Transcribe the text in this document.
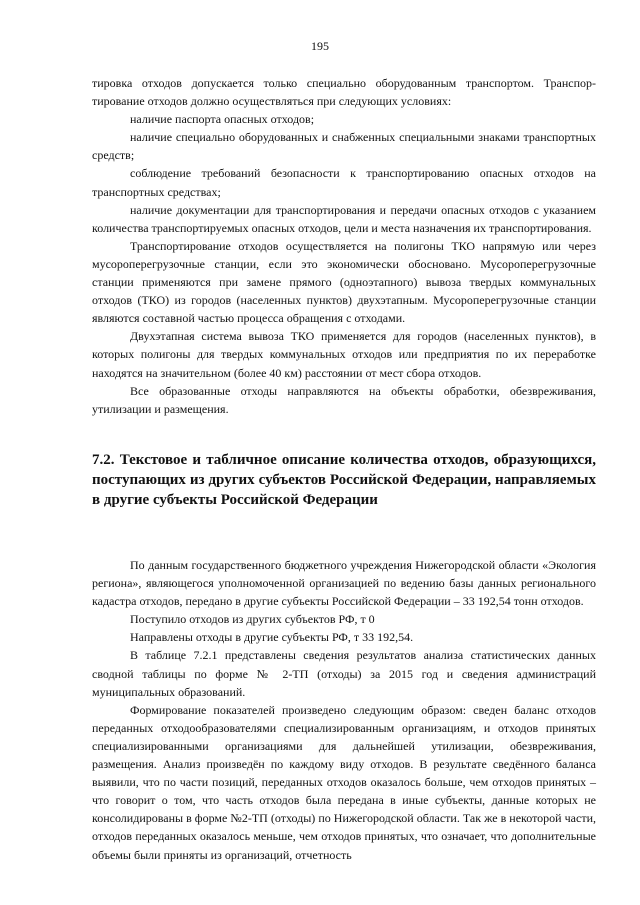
195

тировка отходов допускается только специально оборудованным транспортом. Транспортирование отходов должно осуществляться при следующих условиях:

наличие паспорта опасных отходов;

наличие специально оборудованных и снабженных специальными знаками транспортных средств;

соблюдение требований безопасности к транспортированию опасных отходов на транспортных средствах;

наличие документации для транспортирования и передачи опасных отходов с указанием количества транспортируемых опасных отходов, цели и места назначения их транспортирования.

Транспортирование отходов осуществляется на полигоны ТКО напрямую или через мусороперегрузочные станции, если это экономически обосновано. Мусороперегрузочные станции применяются при замене прямого (одноэтапного) вывоза твердых коммунальных отходов (ТКО) из городов (населенных пунктов) двухэтапным. Мусороперегрузочные станции являются составной частью процесса обращения с отходами.

Двухэтапная система вывоза ТКО применяется для городов (населенных пунктов), в которых полигоны для твердых коммунальных отходов или предприятия по их переработке находятся на значительном (более 40 км) расстоянии от мест сбора отходов.

Все образованные отходы направляются на объекты обработки, обезвреживания, утилизации и размещения.

7.2. Текстовое и табличное описание количества отходов, образующихся, поступающих из других субъектов Российской Федерации, направляемых в другие субъекты Российской Федерации

По данным государственного бюджетного учреждения Нижегородской области «Экология региона», являющегося уполномоченной организацией по ведению базы данных регионального кадастра отходов, передано в другие субъекты Российской Федерации – 33 192,54 тонн отходов.

Поступило отходов из других субъектов РФ, т 0

Направлены отходы в другие субъекты РФ, т 33 192,54.

В таблице 7.2.1 представлены сведения результатов анализа статистических данных сводной таблицы по форме № 2-ТП (отходы) за 2015 год и сведения администраций муниципальных образований.

Формирование показателей произведено следующим образом: сведен баланс отходов переданных отходообразователями специализированным организациям, и отходов принятых специализированными организациями для дальнейшей утилизации, обезвреживания, размещения. Анализ произведён по каждому виду отходов. В результате сведённого баланса выявили, что по части позиций, переданных отходов оказалось больше, чем отходов принятых – что говорит о том, что часть отходов была передана в иные субъекты, данные которых не консолидированы в форме №2-ТП (отходы) по Нижегородской области. Так же в некоторой части, отходов переданных оказалось меньше, чем отходов принятых, что означает, что дополнительные объемы были приняты из организаций, отчетность
